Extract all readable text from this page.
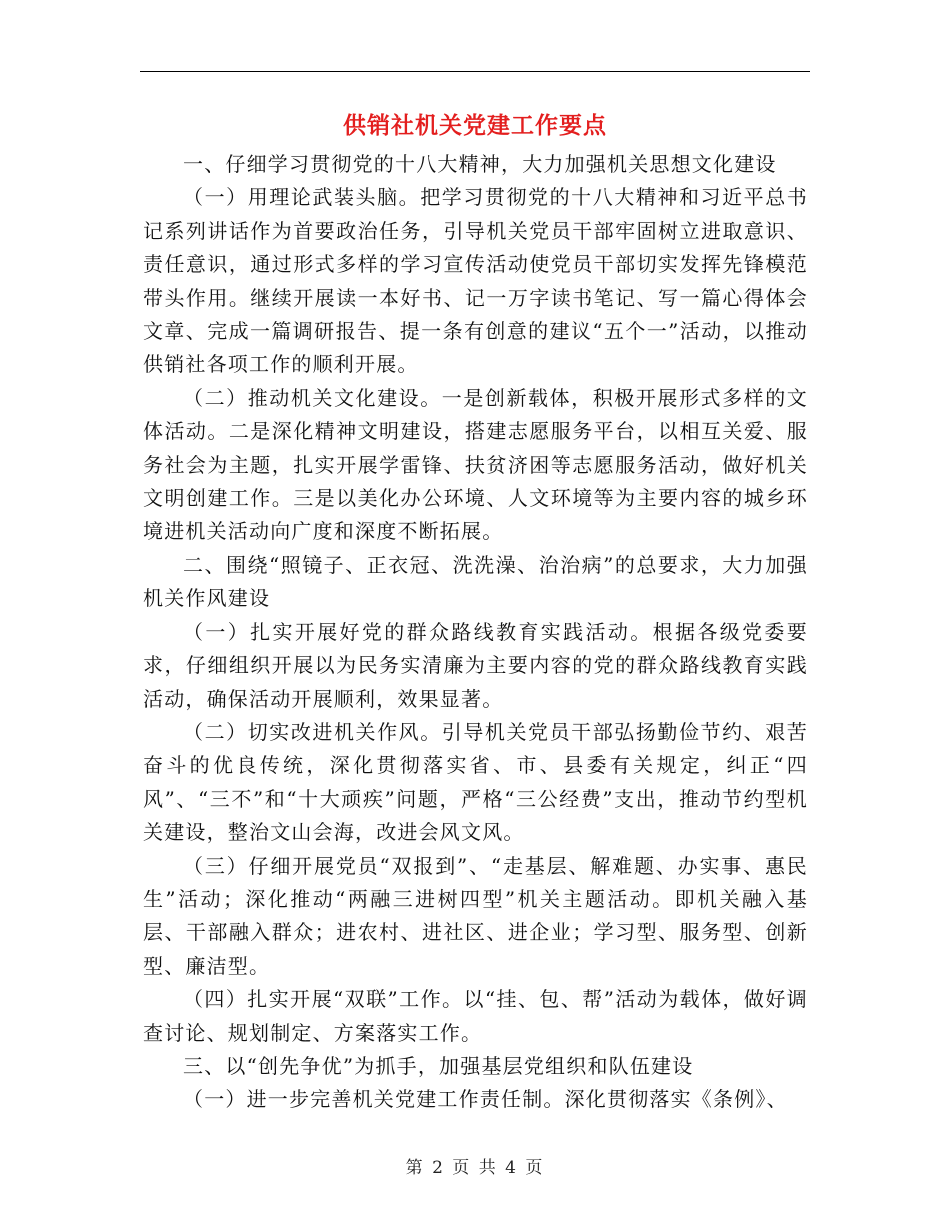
供销社机关党建工作要点

一、仔细学习贯彻党的十八大精神，大力加强机关思想文化建设

（一）用理论武装头脑。把学习贯彻党的十八大精神和习近平总书记系列讲话作为首要政治任务，引导机关党员干部牢固树立进取意识、责任意识，通过形式多样的学习宣传活动使党员干部切实发挥先锋模范带头作用。继续开展读一本好书、记一万字读书笔记、写一篇心得体会文章、完成一篇调研报告、提一条有创意的建议“五个一”活动，以推动供销社各项工作的顺利开展。

（二）推动机关文化建设。一是创新载体，积极开展形式多样的文体活动。二是深化精神文明建设，搭建志愿服务平台，以相互关爱、服务社会为主题，扎实开展学雷锋、扶贫济困等志愿服务活动，做好机关文明创建工作。三是以美化办公环境、人文环境等为主要内容的城乡环境进机关活动向广度和深度不断拓展。

二、围绕“照镜子、正衣冠、洗洗澡、治治病”的总要求，大力加强机关作风建设

（一）扎实开展好党的群众路线教育实践活动。根据各级党委要求，仔细组织开展以为民务实清廉为主要内容的党的群众路线教育实践活动，确保活动开展顺利，效果显著。

（二）切实改进机关作风。引导机关党员干部弘扬勤俭节约、艰苦奋斗的优良传统，深化贯彻落实省、市、县委有关规定，纠正“四风”、“三不”和“十大顽疾”问题，严格“三公经费”支出，推动节约型机关建设，整治文山会海，改进会风文风。

（三）仔细开展党员“双报到”、“走基层、解难题、办实事、惠民生”活动；深化推动“两融三进树四型”机关主题活动。即机关融入基层、干部融入群众；进农村、进社区、进企业；学习型、服务型、创新型、廉洁型。

（四）扎实开展“双联”工作。以“挂、包、帮”活动为载体，做好调查讨论、规划制定、方案落实工作。

三、以“创先争优”为抓手，加强基层党组织和队伍建设

（一）进一步完善机关党建工作责任制。深化贯彻落实《条例》、

第 2 页 共 4 页
